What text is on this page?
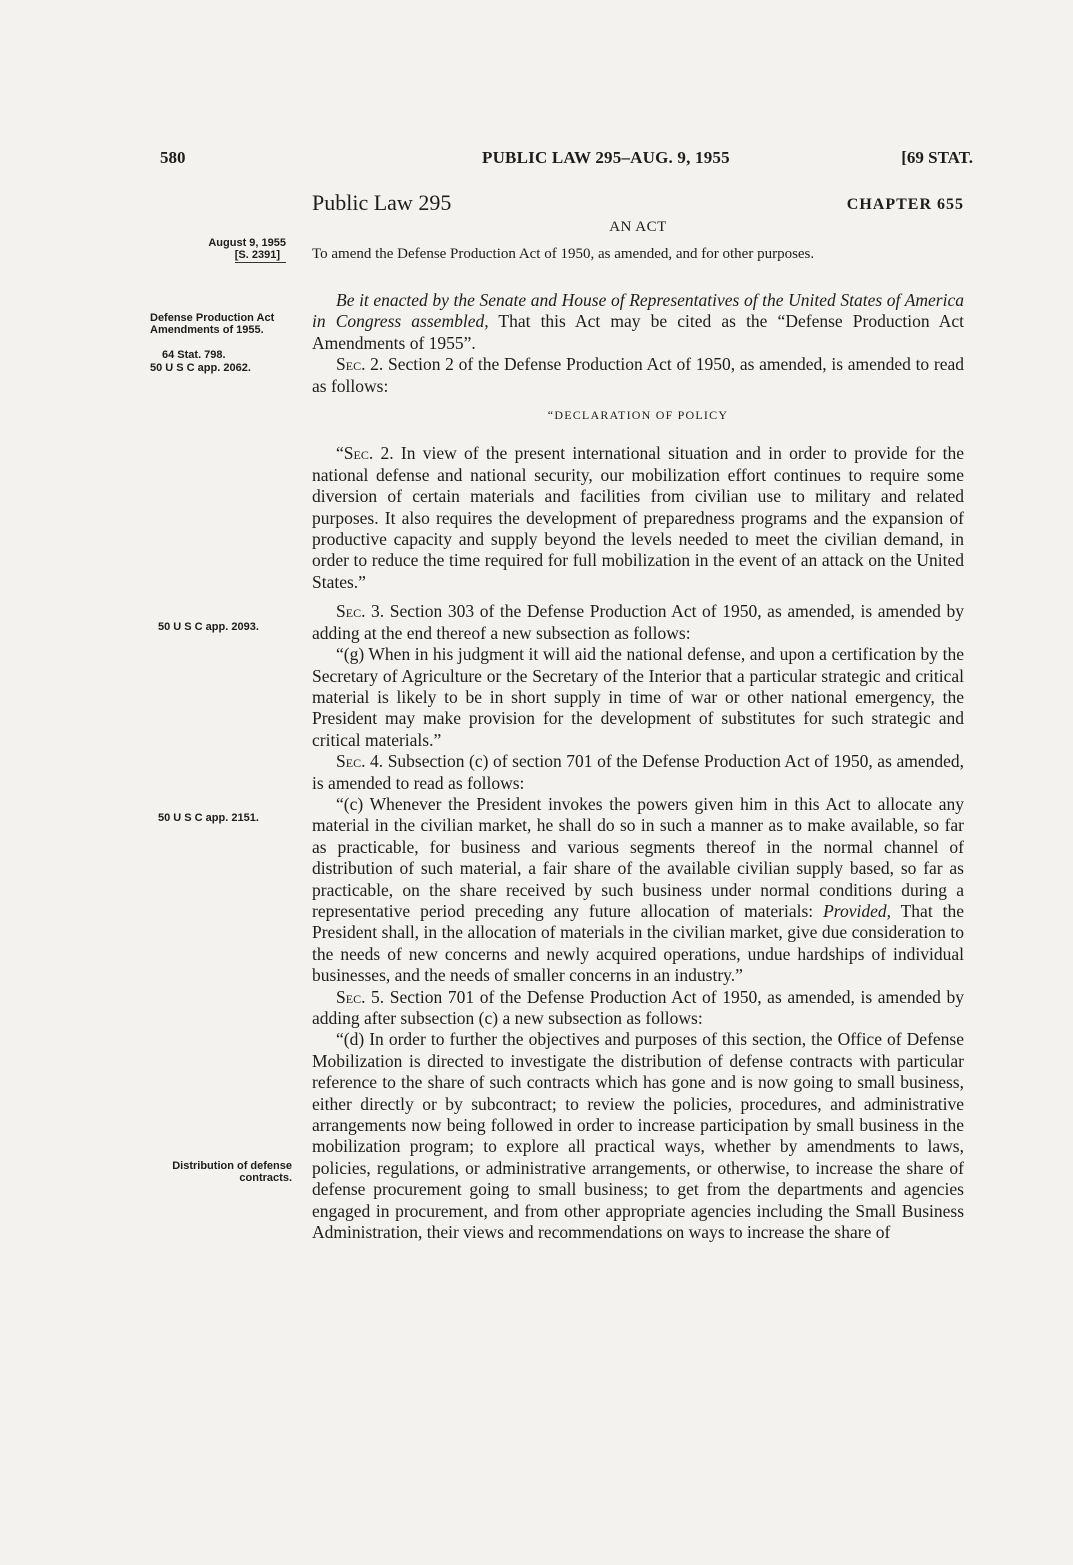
580	PUBLIC LAW 295–AUG. 9, 1955	[69 STAT.
Public Law 295	CHAPTER 655
AN ACT
To amend the Defense Production Act of 1950, as amended, and for other purposes.
August 9, 1955
[S. 2391]
Defense Production Act Amendments of 1955.
64 Stat. 798.
50 U S C app. 2062.
50 U S C app. 2093.
50 U S C app. 2151.
Distribution of defense contracts.

Be it enacted by the Senate and House of Representatives of the United States of America in Congress assembled, That this Act may be cited as the “Defense Production Act Amendments of 1955”.

Sec. 2. Section 2 of the Defense Production Act of 1950, as amended, is amended to read as follows:

“DECLARATION OF POLICY

“Sec. 2. In view of the present international situation and in order to provide for the national defense and national security, our mobilization effort continues to require some diversion of certain materials and facilities from civilian use to military and related purposes. It also requires the development of preparedness programs and the expansion of productive capacity and supply beyond the levels needed to meet the civilian demand, in order to reduce the time required for full mobilization in the event of an attack on the United States.”

Sec. 3. Section 303 of the Defense Production Act of 1950, as amended, is amended by adding at the end thereof a new subsection as follows:

“(g) When in his judgment it will aid the national defense, and upon a certification by the Secretary of Agriculture or the Secretary of the Interior that a particular strategic and critical material is likely to be in short supply in time of war or other national emergency, the President may make provision for the development of substitutes for such strategic and critical materials.”

Sec. 4. Subsection (c) of section 701 of the Defense Production Act of 1950, as amended, is amended to read as follows:

“(c) Whenever the President invokes the powers given him in this Act to allocate any material in the civilian market, he shall do so in such a manner as to make available, so far as practicable, for business and various segments thereof in the normal channel of distribution of such material, a fair share of the available civilian supply based, so far as practicable, on the share received by such business under normal conditions during a representative period preceding any future allocation of materials: Provided, That the President shall, in the allocation of materials in the civilian market, give due consideration to the needs of new concerns and newly acquired operations, undue hardships of individual businesses, and the needs of smaller concerns in an industry.”

Sec. 5. Section 701 of the Defense Production Act of 1950, as amended, is amended by adding after subsection (c) a new subsection as follows:

“(d) In order to further the objectives and purposes of this section, the Office of Defense Mobilization is directed to investigate the distribution of defense contracts with particular reference to the share of such contracts which has gone and is now going to small business, either directly or by subcontract; to review the policies, procedures, and administrative arrangements now being followed in order to increase participation by small business in the mobilization program; to explore all practical ways, whether by amendments to laws, policies, regulations, or administrative arrangements, or otherwise, to increase the share of defense procurement going to small business; to get from the departments and agencies engaged in procurement, and from other appropriate agencies including the Small Business Administration, their views and recommendations on ways to increase the share of
